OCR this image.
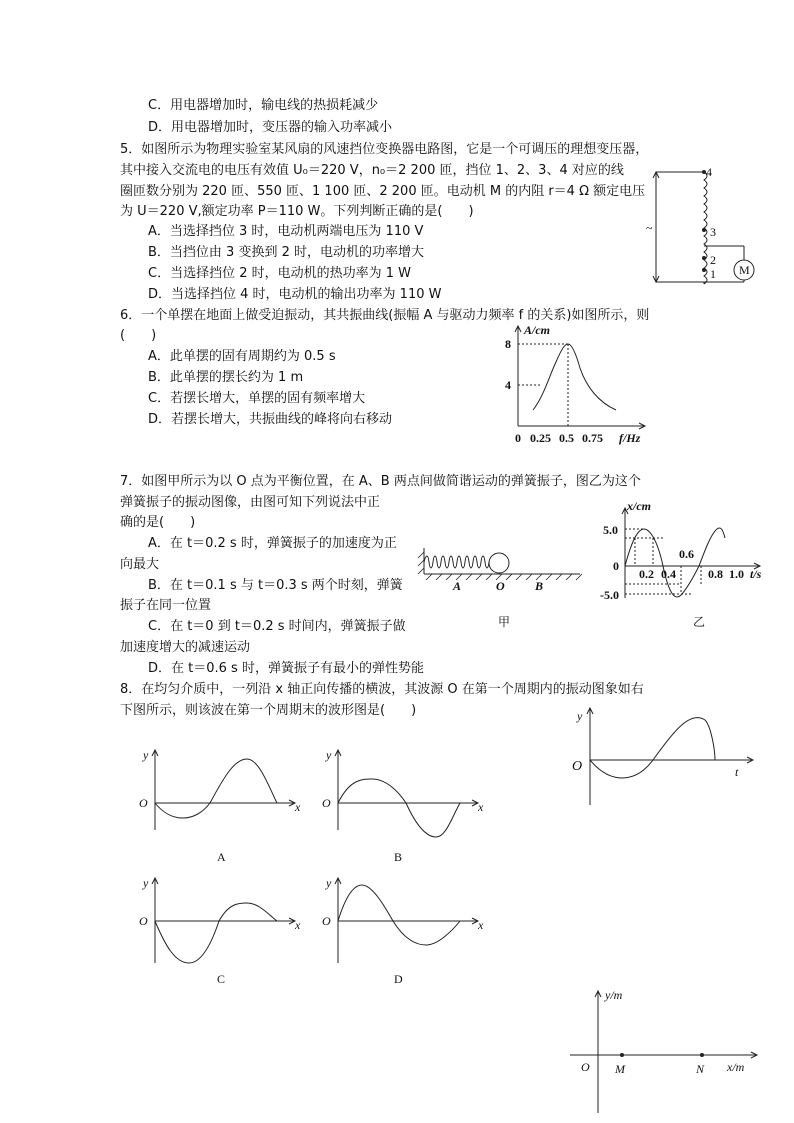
C．用电器增加时，输电线的热损耗减少
D．用电器增加时，变压器的输入功率减小
5．如图所示为物理实验室某风扇的风速挡位变换器电路图，它是一个可调压的理想变压器，
其中接入交流电的电压有效值 U₀＝220 V，n₀＝2 200 匝，挡位 1、2、3、4 对应的线
圈匝数分别为 220 匝、550 匝、1 100 匝、2 200 匝。电动机 M 的内阻 r＝4 Ω 额定电压
为 U＝220 V,额定功率 P＝110 W。下列判断正确的是(　　)
A．当选择挡位 3 时，电动机两端电压为 110 V
B．当挡位由 3 变换到 2 时，电动机的功率增大
C．当选择挡位 2 时，电动机的热功率为 1 W
D．当选择挡位 4 时，电动机的输出功率为 110 W
4
3
2
1
~
M
6．一个单摆在地面上做受迫振动，其共振曲线(振幅 A 与驱动力频率 f 的关系)如图所示，则
(　　)
A．此单摆的固有周期约为 0.5 s
B．此单摆的摆长约为 1 m
C．若摆长增大，单摆的固有频率增大
D．若摆长增大，共振曲线的峰将向右移动
A/cm
8
4
0 0.25 0.5 0.75 f/Hz
7．如图甲所示为以 O 点为平衡位置，在 A、B 两点间做简谐运动的弹簧振子，图乙为这个
弹簧振子的振动图像，由图可知下列说法中正
确的是(　　)
A．在 t＝0.2 s 时，弹簧振子的加速度为正
向最大
B．在 t＝0.1 s 与 t＝0.3 s 两个时刻，弹簧
振子在同一位置
C．在 t＝0 到 t＝0.2 s 时间内，弹簧振子做
加速度增大的减速运动
D．在 t＝0.6 s 时，弹簧振子有最小的弹性势能
A	O	B
甲
x/cm
5.0
0
-5.0
0.2 0.4
0.6
0.8 1.0 t/s
乙
8．在均匀介质中，一列沿 x 轴正向传播的横波，其波源 O 在第一个周期内的振动图象如右
下图所示，则该波在第一个周期末的波形图是(　　)	y
O	t
y
O	x
A
y
O	x
B
y
O	x
C
y
O	x
D
y/m
O M	N x/m
